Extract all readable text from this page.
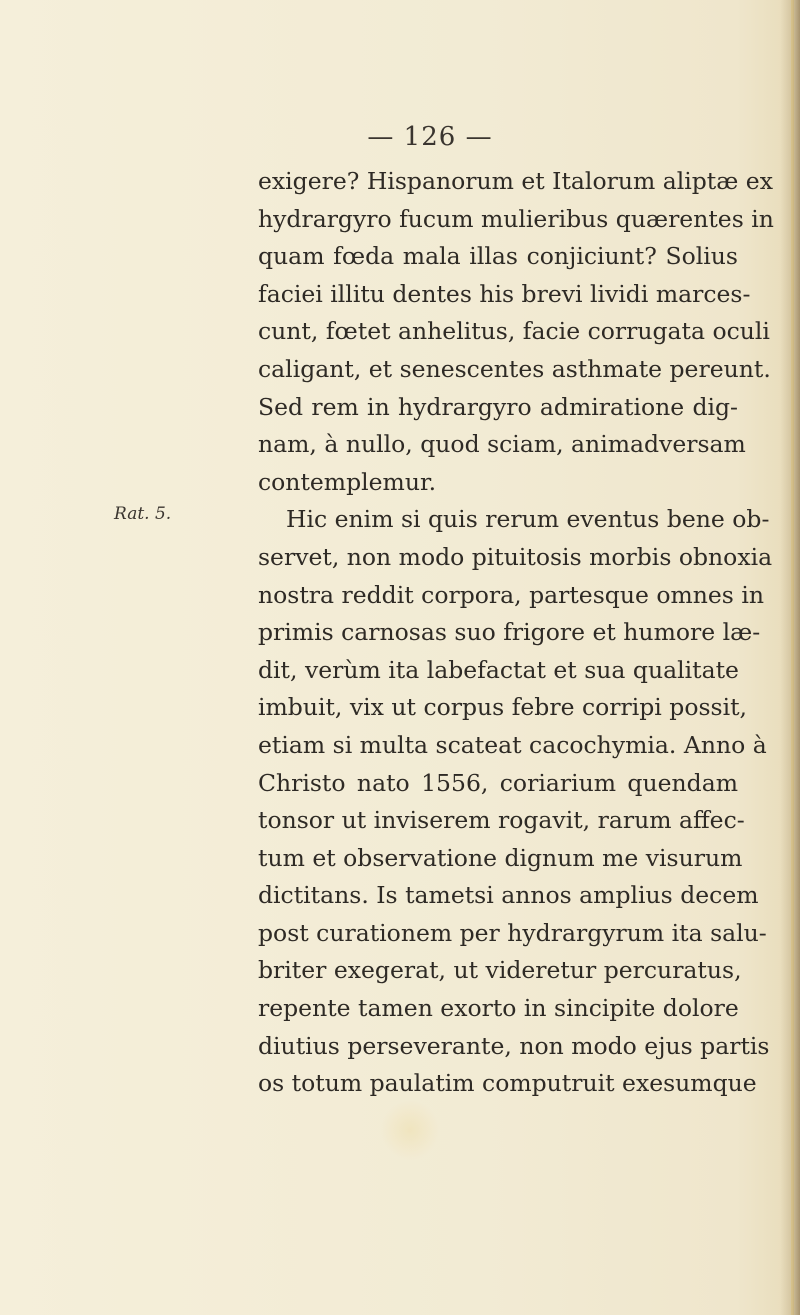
— 126 —
Rat. 5.
exigere? Hispanorum et Italorum aliptæ ex
hydrargyro fucum mulieribus quærentes in
quam fœda mala illas conjiciunt? Solius
faciei illitu dentes his brevi lividi marces-
cunt, fœtet anhelitus, facie corrugata oculi
caligant, et senescentes asthmate pereunt.
Sed rem in hydrargyro admiratione dig-
nam, à nullo, quod sciam, animadversam
contemplemur.
Hic enim si quis rerum eventus bene ob-
servet, non modo pituitosis morbis obnoxia
nostra reddit corpora, partesque omnes in
primis carnosas suo frigore et humore læ-
dit, verùm ita labefactat et sua qualitate
imbuit, vix ut corpus febre corripi possit,
etiam si multa scateat cacochymia. Anno à
Christo nato 1556, coriarium quendam
tonsor ut inviserem rogavit, rarum affec-
tum et observatione dignum me visurum
dictitans. Is tametsi annos amplius decem
post curationem per hydrargyrum ita salu-
briter exegerat, ut videretur percuratus,
repente tamen exorto in sincipite dolore
diutius perseverante, non modo ejus partis
os totum paulatim computruit exesumque
